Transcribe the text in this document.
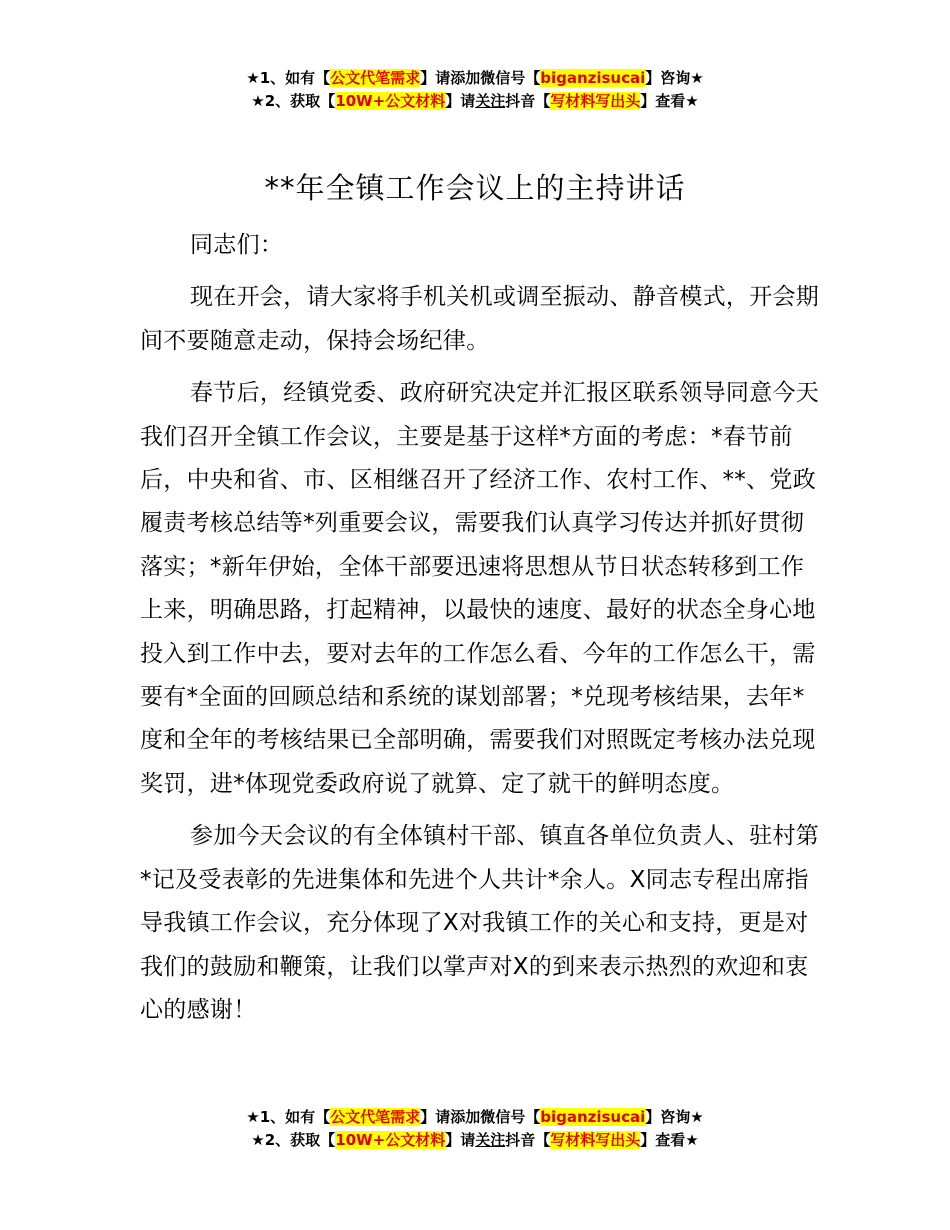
★1、如有【公文代笔需求】请添加微信号【biganzisucai】咨询★
★2、获取【10W+公文材料】请关注抖音【写材料写出头】查看★
**年全镇工作会议上的主持讲话

同志们：

现在开会，请大家将手机关机或调至振动、静音模式，开会期间不要随意走动，保持会场纪律。

春节后，经镇党委、政府研究决定并汇报区联系领导同意今天我们召开全镇工作会议，主要是基于这样*方面的考虑：*春节前后，中央和省、市、区相继召开了经济工作、农村工作、**、党政履责考核总结等*列重要会议，需要我们认真学习传达并抓好贯彻落实；*新年伊始，全体干部要迅速将思想从节日状态转移到工作上来，明确思路，打起精神，以最快的速度、最好的状态全身心地投入到工作中去，要对去年的工作怎么看、今年的工作怎么干，需要有*全面的回顾总结和系统的谋划部署；*兑现考核结果，去年*度和全年的考核结果已全部明确，需要我们对照既定考核办法兑现奖罚，进*体现党委政府说了就算、定了就干的鲜明态度。

参加今天会议的有全体镇村干部、镇直各单位负责人、驻村第*记及受表彰的先进集体和先进个人共计*余人。X同志专程出席指导我镇工作会议，充分体现了X对我镇工作的关心和支持，更是对我们的鼓励和鞭策，让我们以掌声对X的到来表示热烈的欢迎和衷心的感谢！

★1、如有【公文代笔需求】请添加微信号【biganzisucai】咨询★
★2、获取【10W+公文材料】请关注抖音【写材料写出头】查看★
